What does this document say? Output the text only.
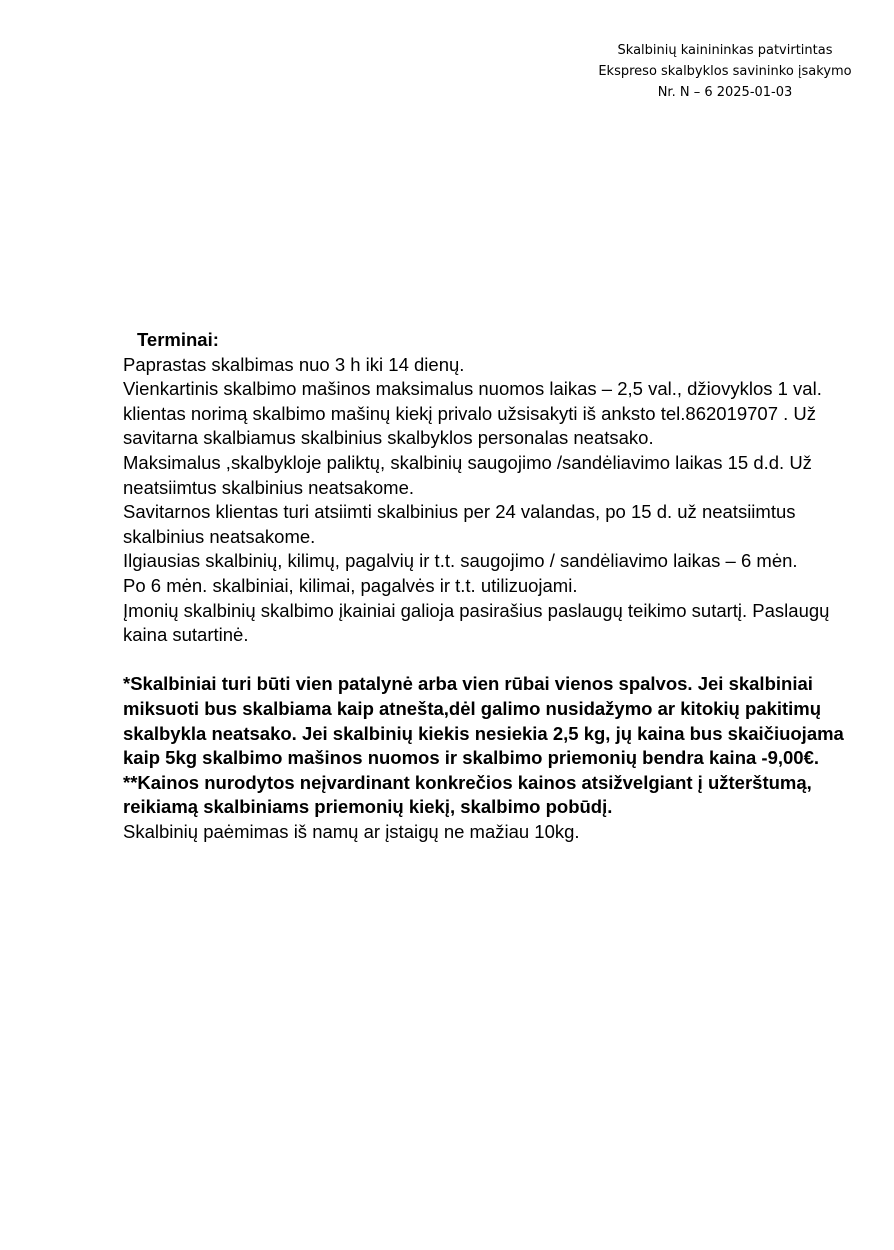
Skalbinių kainininkas patvirtintas
Ekspreso skalbyklos savininko įsakymo
Nr. N – 6 2025-01-03
Terminai:

Paprastas skalbimas nuo 3 h iki 14 dienų.

Vienkartinis skalbimo mašinos maksimalus nuomos laikas – 2,5 val., džiovyklos 1 val. klientas norimą skalbimo mašinų kiekį privalo užsisakyti iš anksto tel.862019707 . Už savitarna skalbiamus skalbinius skalbyklos personalas neatsako.

Maksimalus ,skalbykloje paliktų, skalbinių saugojimo /sandėliavimo laikas 15 d.d. Už neatsiimtus skalbinius neatsakome.

Savitarnos klientas turi atsiimti skalbinius per 24 valandas, po 15 d. už neatsiimtus skalbinius neatsakome.

Ilgiausias skalbinių, kilimų, pagalvių ir t.t. saugojimo / sandėliavimo laikas – 6 mėn.

Po 6 mėn. skalbiniai, kilimai, pagalvės ir t.t. utilizuojami.

Įmonių skalbinių skalbimo įkainiai galioja pasirašius paslaugų teikimo sutartį. Paslaugų kaina sutartinė.

*Skalbiniai turi būti vien patalynė arba vien rūbai vienos spalvos. Jei skalbiniai miksuoti bus skalbiama kaip atnešta,dėl galimo nusidažymo ar kitokių pakitimų skalbykla neatsako. Jei skalbinių kiekis nesiekia 2,5 kg, jų kaina bus skaičiuojama kaip 5kg skalbimo mašinos nuomos ir skalbimo priemonių bendra kaina -9,00€.

**Kainos nurodytos neįvardinant konkrečios kainos atsižvelgiant į užterštumą, reikiamą skalbiniams priemonių kiekį, skalbimo pobūdį.

Skalbinių paėmimas iš namų ar įstaigų ne mažiau 10kg.
